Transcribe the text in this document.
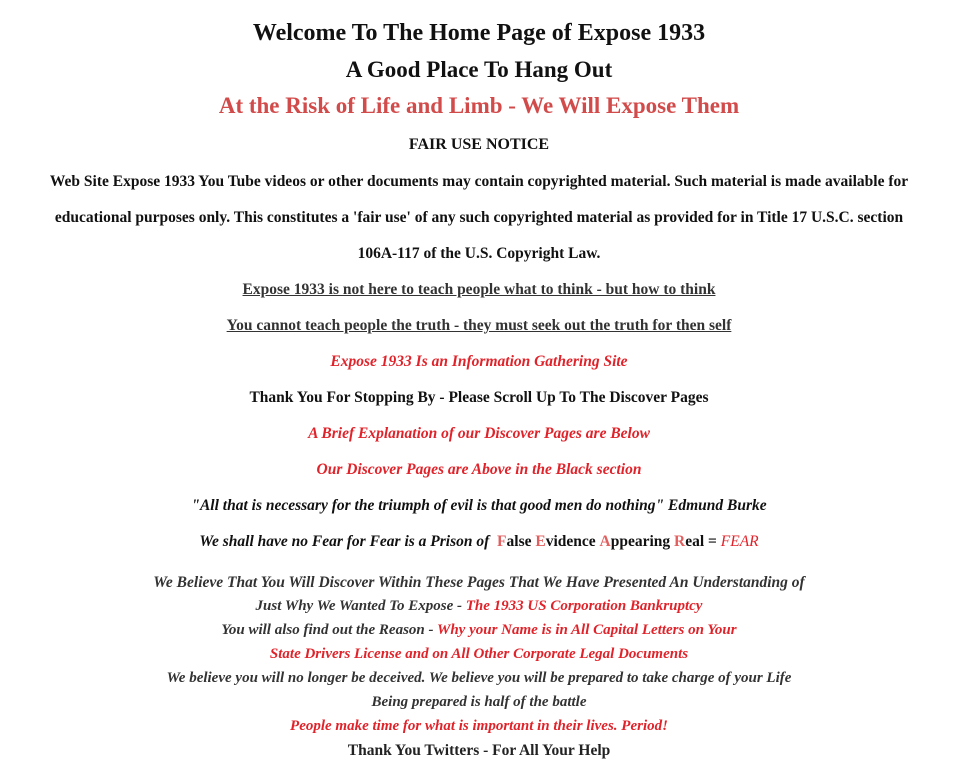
Welcome To The Home Page of Expose 1933
A Good Place To Hang Out
At the Risk of Life and Limb - We Will Expose Them
FAIR USE NOTICE
Web Site Expose 1933 You Tube videos or other documents may contain copyrighted material. Such material is made available for
educational purposes only. This constitutes a 'fair use' of any such copyrighted material as provided for in Title 17 U.S.C. section
106A-117 of the U.S. Copyright Law.
Expose 1933 is not here to teach people what to think - but how to think
You cannot teach people the truth - they must seek out the truth for then self
Expose 1933 Is an Information Gathering Site
Thank You For Stopping By - Please Scroll Up To The Discover Pages
A Brief Explanation of our Discover Pages are Below
Our Discover Pages are Above in the Black section
"All that is necessary for the triumph of evil is that good men do nothing" Edmund Burke
We shall have no Fear for Fear is a Prison of False Evidence Appearing Real = FEAR
We Believe That You Will Discover Within These Pages That We Have Presented An Understanding of
Just Why We Wanted To Expose - The 1933 US Corporation Bankruptcy
You will also find out the Reason - Why your Name is in All Capital Letters on Your
State Drivers License and on All Other Corporate Legal Documents
We believe you will no longer be deceived. We believe you will be prepared to take charge of your Life
Being prepared is half of the battle
People make time for what is important in their lives. Period!
Thank You Twitters - For All Your Help
